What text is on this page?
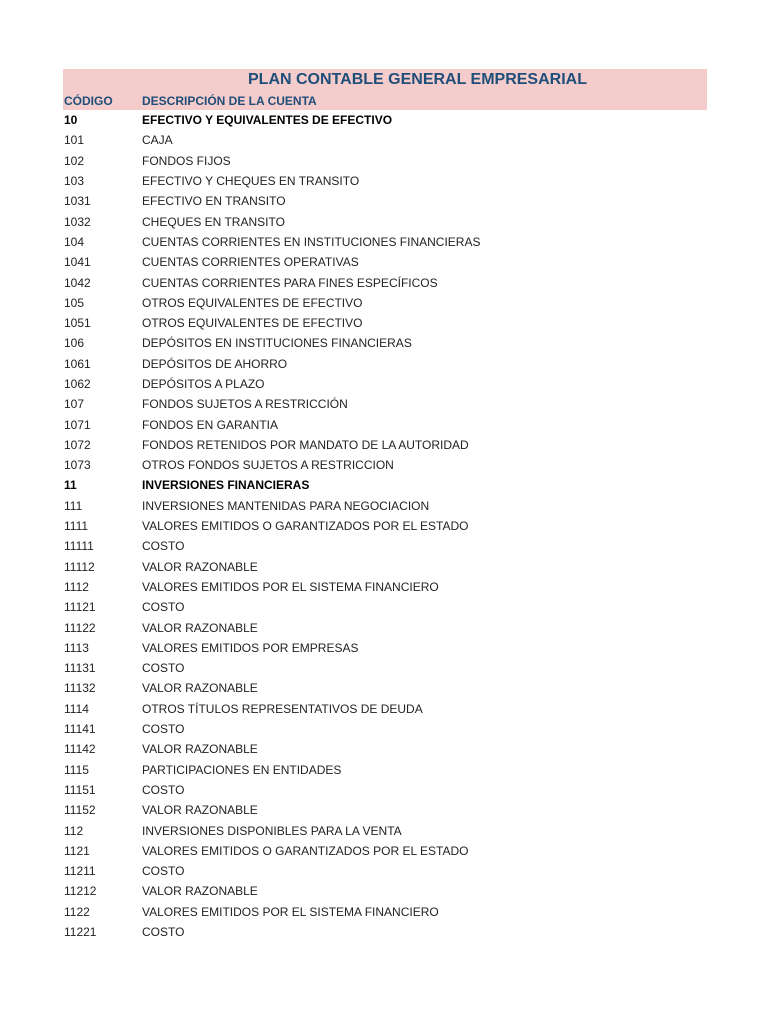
PLAN CONTABLE GENERAL EMPRESARIAL
CÓDIGO	DESCRIPCIÓN DE LA CUENTA
10	EFECTIVO Y EQUIVALENTES DE EFECTIVO
101	CAJA
102	FONDOS FIJOS
103	EFECTIVO Y CHEQUES EN TRANSITO
1031	EFECTIVO EN TRANSITO
1032	CHEQUES EN TRANSITO
104	CUENTAS CORRIENTES EN INSTITUCIONES FINANCIERAS
1041	CUENTAS CORRIENTES OPERATIVAS
1042	CUENTAS CORRIENTES PARA FINES ESPECÍFICOS
105	OTROS EQUIVALENTES DE EFECTIVO
1051	OTROS EQUIVALENTES DE EFECTIVO
106	DEPÓSITOS EN INSTITUCIONES FINANCIERAS
1061	DEPÓSITOS DE AHORRO
1062	DEPÓSITOS A PLAZO
107	FONDOS SUJETOS A RESTRICCIÓN
1071	FONDOS EN GARANTIA
1072	FONDOS RETENIDOS POR MANDATO DE LA AUTORIDAD
1073	OTROS FONDOS SUJETOS A RESTRICCION
11	INVERSIONES FINANCIERAS
111	INVERSIONES MANTENIDAS PARA NEGOCIACION
1111	VALORES EMITIDOS O GARANTIZADOS POR EL ESTADO
11111	COSTO
11112	VALOR RAZONABLE
1112	VALORES EMITIDOS POR EL SISTEMA FINANCIERO
11121	COSTO
11122	VALOR RAZONABLE
1113	VALORES EMITIDOS POR EMPRESAS
11131	COSTO
11132	VALOR RAZONABLE
1114	OTROS TÍTULOS REPRESENTATIVOS DE DEUDA
11141	COSTO
11142	VALOR RAZONABLE
1115	PARTICIPACIONES EN ENTIDADES
11151	COSTO
11152	VALOR RAZONABLE
112	INVERSIONES DISPONIBLES PARA LA VENTA
1121	VALORES EMITIDOS O GARANTIZADOS POR EL ESTADO
11211	COSTO
11212	VALOR RAZONABLE
1122	VALORES EMITIDOS POR EL SISTEMA FINANCIERO
11221	COSTO
